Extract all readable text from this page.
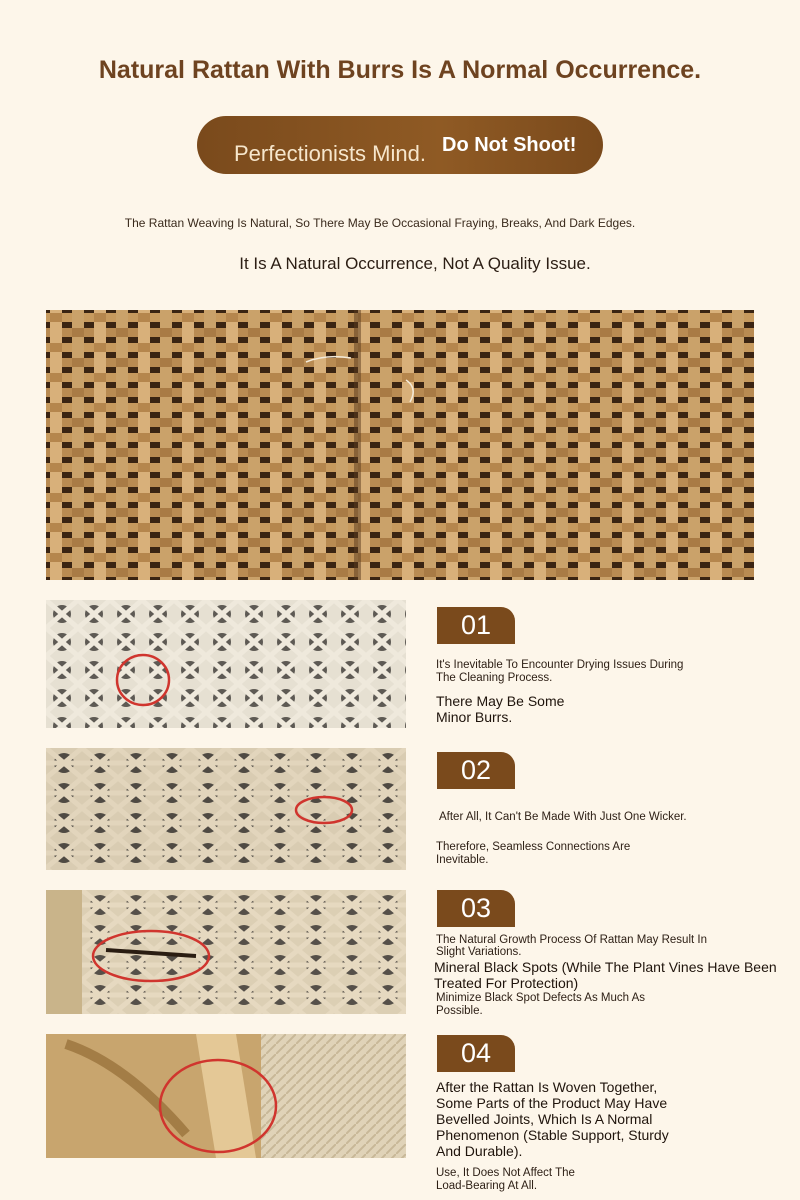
Natural Rattan With Burrs Is A Normal Occurrence.
Perfectionists Mind. Do Not Shoot!
The Rattan Weaving Is Natural, So There May Be Occasional Fraying, Breaks, And Dark Edges.
It Is A Natural Occurrence, Not A Quality Issue.
01
It's Inevitable To Encounter Drying Issues During The Cleaning Process.
There May Be Some Minor Burrs.
02
After All, It Can't Be Made With Just One Wicker.
Therefore, Seamless Connections Are Inevitable.
03
The Natural Growth Process Of Rattan May Result In Slight Variations.
Mineral Black Spots (While The Plant Vines Have Been Treated For Protection)
Minimize Black Spot Defects As Much As Possible.
04
After the Rattan Is Woven Together, Some Parts of the Product May Have Bevelled Joints, Which Is A Normal Phenomenon (Stable Support, Sturdy And Durable).
Use, It Does Not Affect The Load-Bearing At All.
